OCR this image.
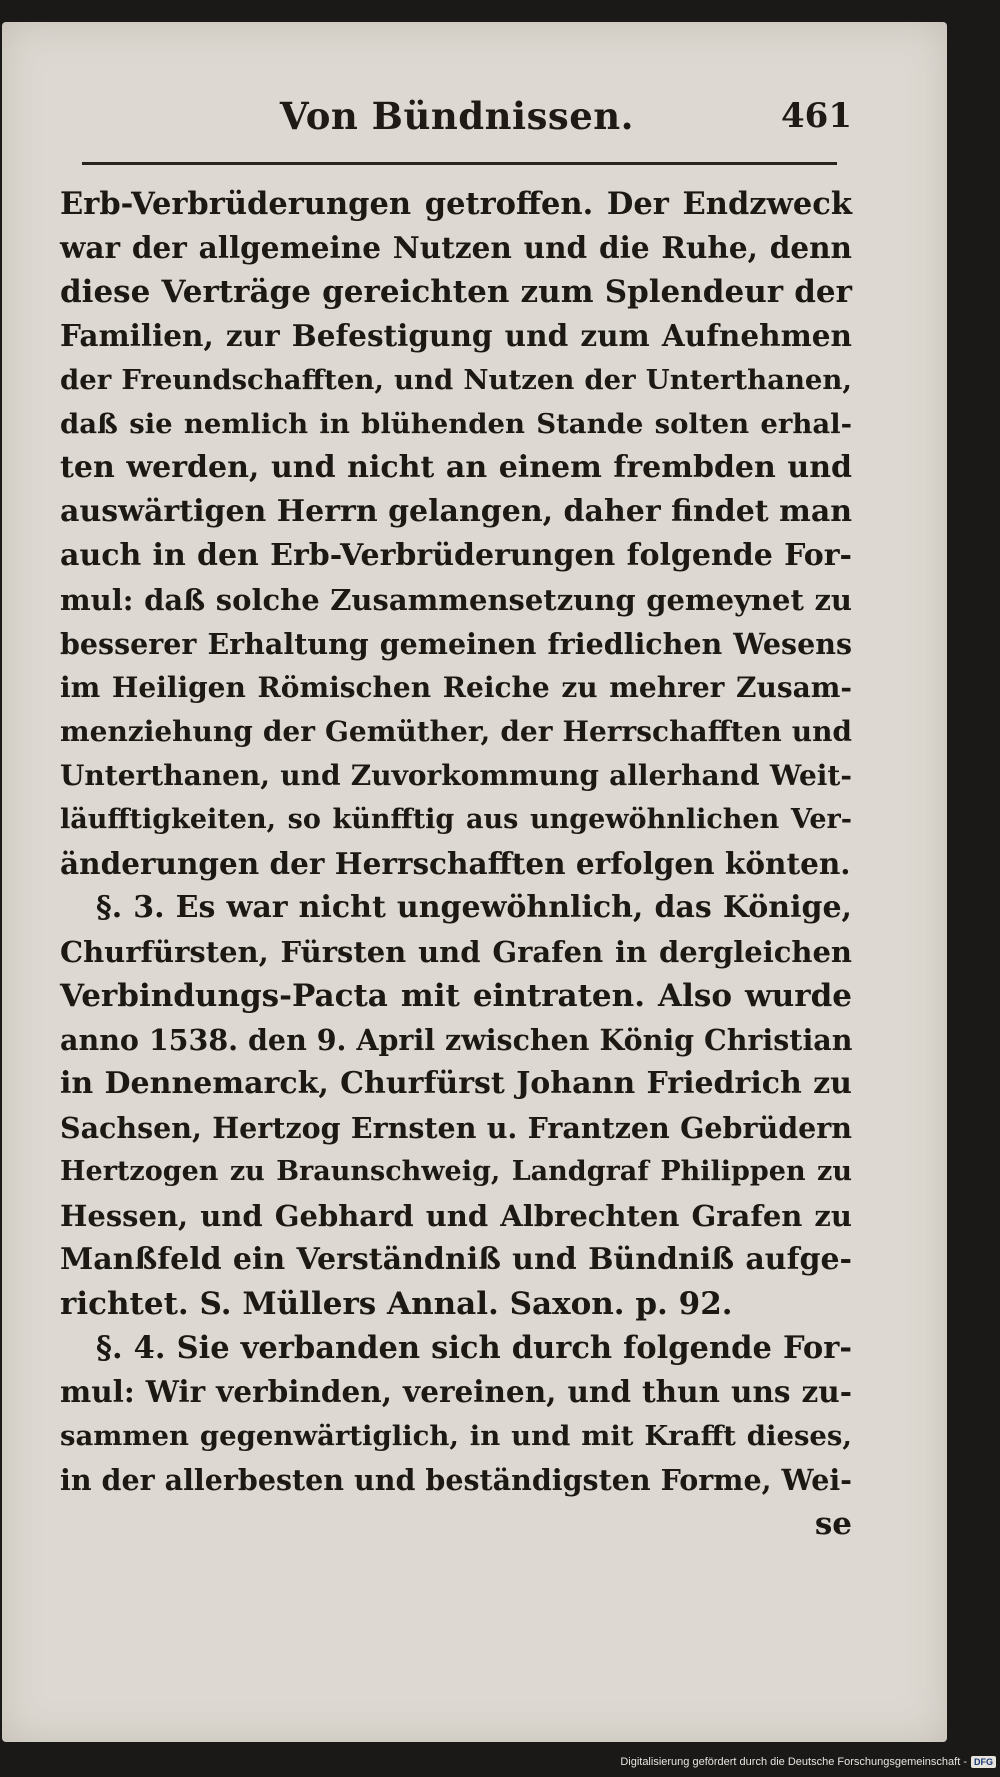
Von Bündnissen.	461
Erb-Verbrüderungen getroffen. Der Endzweck
war der allgemeine Nutzen und die Ruhe, denn
diese Verträge gereichten zum Splendeur der
Familien, zur Befestigung und zum Aufnehmen
der Freundschafften, und Nutzen der Unterthanen,
daß sie nemlich in blühenden Stande solten erhal-
ten werden, und nicht an einem frembden und
auswärtigen Herrn gelangen, daher findet man
auch in den Erb-Verbrüderungen folgende For-
mul: daß solche Zusammensetzung gemeynet zu
besserer Erhaltung gemeinen friedlichen Wesens
im Heiligen Römischen Reiche zu mehrer Zusam-
menziehung der Gemüther, der Herrschafften und
Unterthanen, und Zuvorkommung allerhand Weit-
läufftigkeiten, so künfftig aus ungewöhnlichen Ver-
änderungen der Herrschafften erfolgen könten.
§. 3. Es war nicht ungewöhnlich, das Könige,
Churfürsten, Fürsten und Grafen in dergleichen
Verbindungs-Pacta mit eintraten. Also wurde
anno 1538. den 9. April zwischen König Christian
in Dennemarck, Churfürst Johann Friedrich zu
Sachsen, Hertzog Ernsten u. Frantzen Gebrüdern
Hertzogen zu Braunschweig, Landgraf Philippen zu
Hessen, und Gebhard und Albrechten Grafen zu
Manßfeld ein Verständniß und Bündniß aufge-
richtet. S. Müllers Annal. Saxon. p. 92.
§. 4. Sie verbanden sich durch folgende For-
mul: Wir verbinden, vereinen, und thun uns zu-
sammen gegenwärtiglich, in und mit Krafft dieses,
in der allerbesten und beständigsten Forme, Wei-
se
Digitalisierung gefördert durch die Deutsche Forschungsgemeinschaft - DFG
